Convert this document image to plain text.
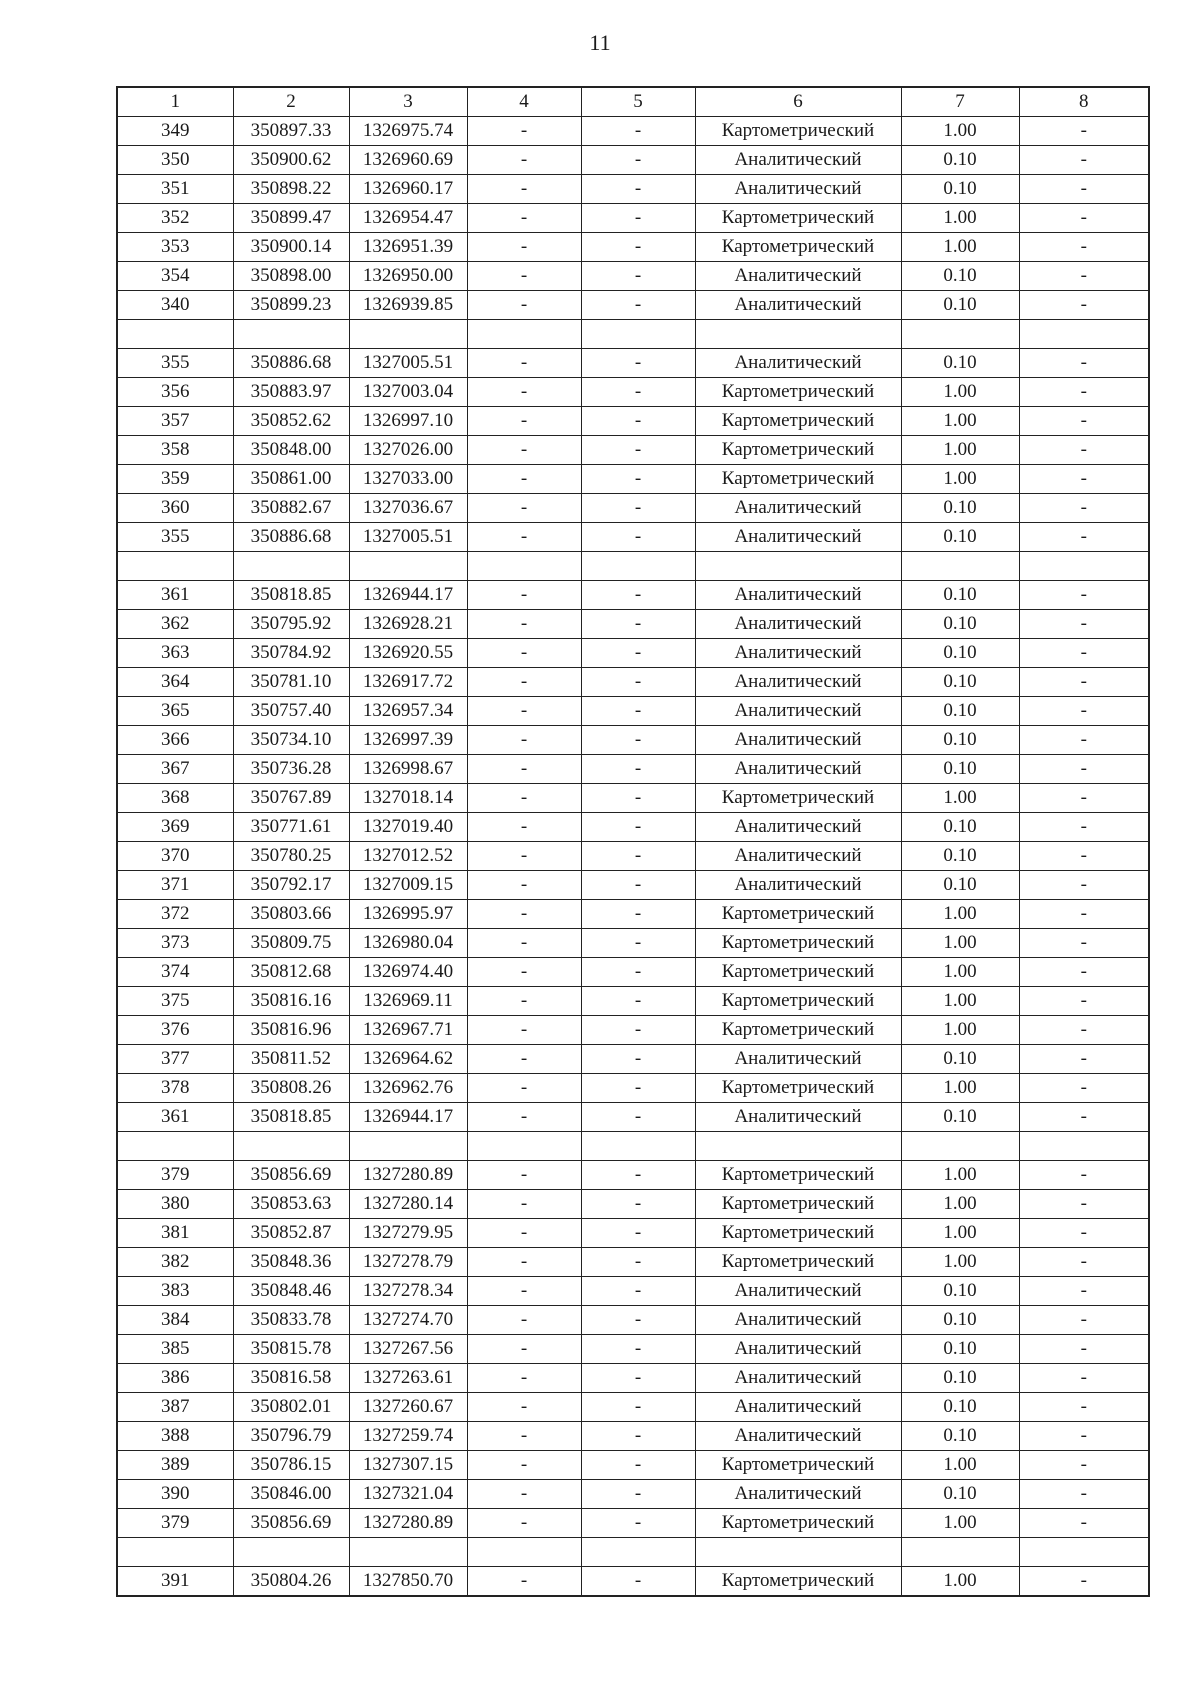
11
1	2	3	4	5	6	7	8
349	350897.33	1326975.74	-	-	Картометрический	1.00	-
350	350900.62	1326960.69	-	-	Аналитический	0.10	-
351	350898.22	1326960.17	-	-	Аналитический	0.10	-
352	350899.47	1326954.47	-	-	Картометрический	1.00	-
353	350900.14	1326951.39	-	-	Картометрический	1.00	-
354	350898.00	1326950.00	-	-	Аналитический	0.10	-
340	350899.23	1326939.85	-	-	Аналитический	0.10	-

355	350886.68	1327005.51	-	-	Аналитический	0.10	-
356	350883.97	1327003.04	-	-	Картометрический	1.00	-
357	350852.62	1326997.10	-	-	Картометрический	1.00	-
358	350848.00	1327026.00	-	-	Картометрический	1.00	-
359	350861.00	1327033.00	-	-	Картометрический	1.00	-
360	350882.67	1327036.67	-	-	Аналитический	0.10	-
355	350886.68	1327005.51	-	-	Аналитический	0.10	-

361	350818.85	1326944.17	-	-	Аналитический	0.10	-
362	350795.92	1326928.21	-	-	Аналитический	0.10	-
363	350784.92	1326920.55	-	-	Аналитический	0.10	-
364	350781.10	1326917.72	-	-	Аналитический	0.10	-
365	350757.40	1326957.34	-	-	Аналитический	0.10	-
366	350734.10	1326997.39	-	-	Аналитический	0.10	-
367	350736.28	1326998.67	-	-	Аналитический	0.10	-
368	350767.89	1327018.14	-	-	Картометрический	1.00	-
369	350771.61	1327019.40	-	-	Аналитический	0.10	-
370	350780.25	1327012.52	-	-	Аналитический	0.10	-
371	350792.17	1327009.15	-	-	Аналитический	0.10	-
372	350803.66	1326995.97	-	-	Картометрический	1.00	-
373	350809.75	1326980.04	-	-	Картометрический	1.00	-
374	350812.68	1326974.40	-	-	Картометрический	1.00	-
375	350816.16	1326969.11	-	-	Картометрический	1.00	-
376	350816.96	1326967.71	-	-	Картометрический	1.00	-
377	350811.52	1326964.62	-	-	Аналитический	0.10	-
378	350808.26	1326962.76	-	-	Картометрический	1.00	-
361	350818.85	1326944.17	-	-	Аналитический	0.10	-

379	350856.69	1327280.89	-	-	Картометрический	1.00	-
380	350853.63	1327280.14	-	-	Картометрический	1.00	-
381	350852.87	1327279.95	-	-	Картометрический	1.00	-
382	350848.36	1327278.79	-	-	Картометрический	1.00	-
383	350848.46	1327278.34	-	-	Аналитический	0.10	-
384	350833.78	1327274.70	-	-	Аналитический	0.10	-
385	350815.78	1327267.56	-	-	Аналитический	0.10	-
386	350816.58	1327263.61	-	-	Аналитический	0.10	-
387	350802.01	1327260.67	-	-	Аналитический	0.10	-
388	350796.79	1327259.74	-	-	Аналитический	0.10	-
389	350786.15	1327307.15	-	-	Картометрический	1.00	-
390	350846.00	1327321.04	-	-	Аналитический	0.10	-
379	350856.69	1327280.89	-	-	Картометрический	1.00	-

391	350804.26	1327850.70	-	-	Картометрический	1.00	-
